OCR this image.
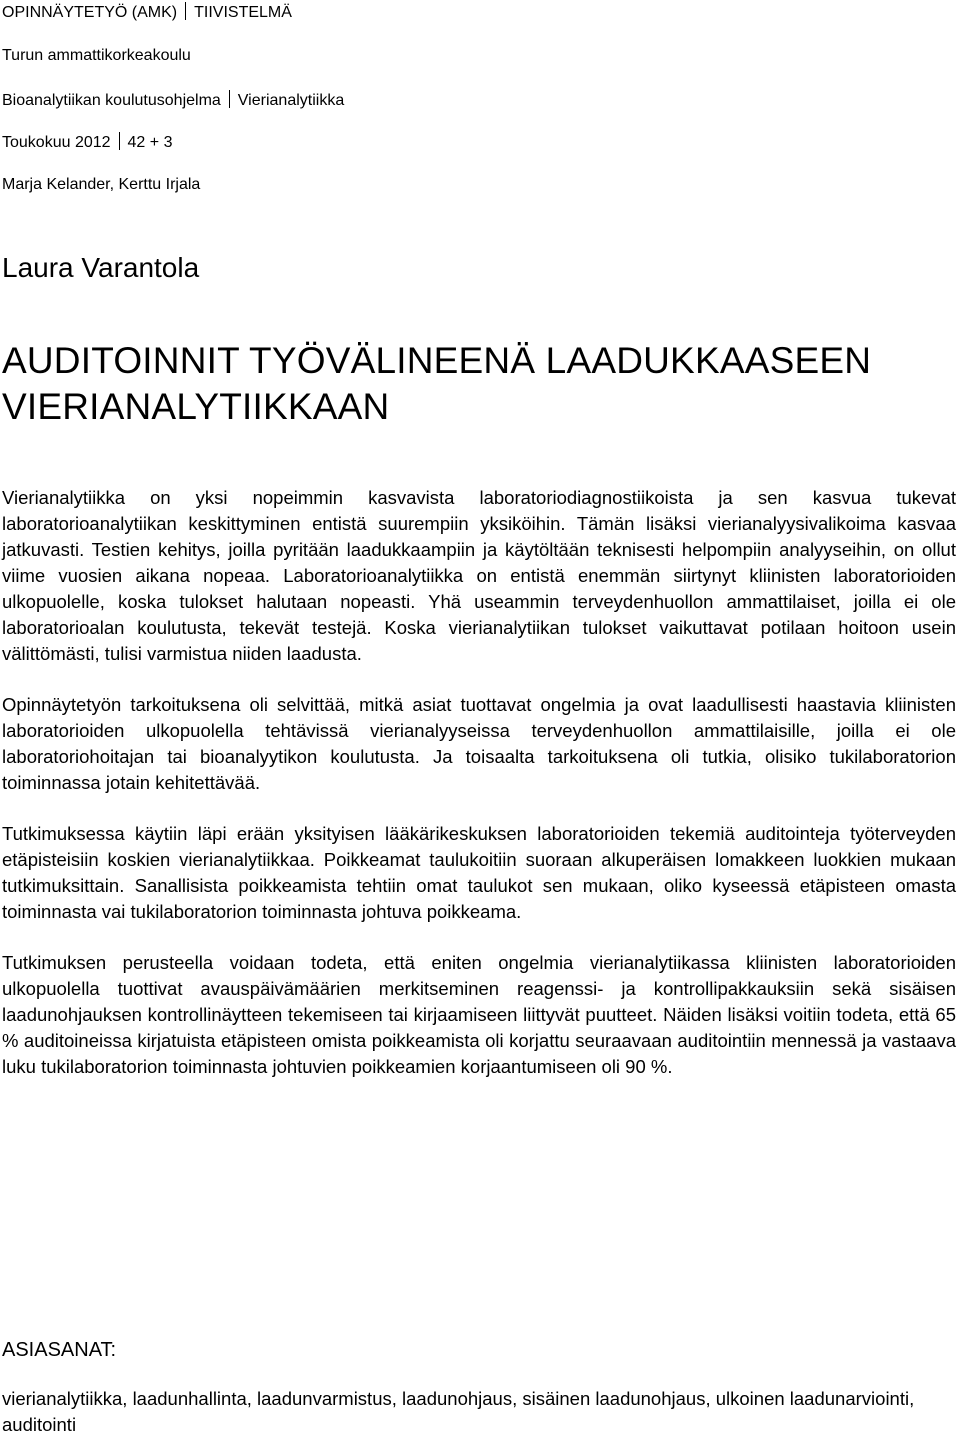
OPINNÄYTETYÖ (AMK) TIIVISTELMÄ

Turun ammattikorkeakoulu

Bioanalytiikan koulutusohjelma Vierianalytiikka

Toukokuu 2012 42 + 3

Marja Kelander, Kerttu Irjala

Laura Varantola
AUDITOINNIT TYÖVÄLINEENÄ LAADUKKAASEEN
VIERIANALYTIIKKAAN

Vierianalytiikka on yksi nopeimmin kasvavista laboratoriodiagnostiikoista ja sen kasvua tukevat laboratorioanalytiikan keskittyminen entistä suurempiin yksiköihin. Tämän lisäksi vierianalyysivalikoima kasvaa jatkuvasti. Testien kehitys, joilla pyritään laadukkaampiin ja käytöltään teknisesti helpompiin analyyseihin, on ollut viime vuosien aikana nopeaa. Laboratorioanalytiikka on entistä enemmän siirtynyt kliinisten laboratorioiden ulkopuolelle, koska tulokset halutaan nopeasti. Yhä useammin terveydenhuollon ammattilaiset, joilla ei ole laboratorioalan koulutusta, tekevät testejä. Koska vierianalytiikan tulokset vaikuttavat potilaan hoitoon usein välittömästi, tulisi varmistua niiden laadusta.

Opinnäytetyön tarkoituksena oli selvittää, mitkä asiat tuottavat ongelmia ja ovat laadullisesti haastavia kliinisten laboratorioiden ulkopuolella tehtävissä vierianalyyseissa terveydenhuollon ammattilaisille, joilla ei ole laboratoriohoitajan tai bioanalyytikon koulutusta. Ja toisaalta tarkoituksena oli tutkia, olisiko tukilaboratorion toiminnassa jotain kehitettävää.

Tutkimuksessa käytiin läpi erään yksityisen lääkärikeskuksen laboratorioiden tekemiä auditointeja työterveyden etäpisteisiin koskien vierianalytiikkaa. Poikkeamat taulukoitiin suoraan alkuperäisen lomakkeen luokkien mukaan tutkimuksittain. Sanallisista poikkeamista tehtiin omat taulukot sen mukaan, oliko kyseessä etäpisteen omasta toiminnasta vai tukilaboratorion toiminnasta johtuva poikkeama.

Tutkimuksen perusteella voidaan todeta, että eniten ongelmia vierianalytiikassa kliinisten laboratorioiden ulkopuolella tuottivat avauspäivämäärien merkitseminen reagenssi- ja kontrollipakkauksiin sekä sisäisen laadunohjauksen kontrollinäytteen tekemiseen tai kirjaamiseen liittyvät puutteet. Näiden lisäksi voitiin todeta, että 65 % auditoineissa kirjatuista etäpisteen omista poikkeamista oli korjattu seuraavaan auditointiin mennessä ja vastaava luku tukilaboratorion toiminnasta johtuvien poikkeamien korjaantumiseen oli 90 %.

ASIASANAT:

vierianalytiikka, laadunhallinta, laadunvarmistus, laadunohjaus, sisäinen laadunohjaus, ulkoinen laadunarviointi, auditointi
